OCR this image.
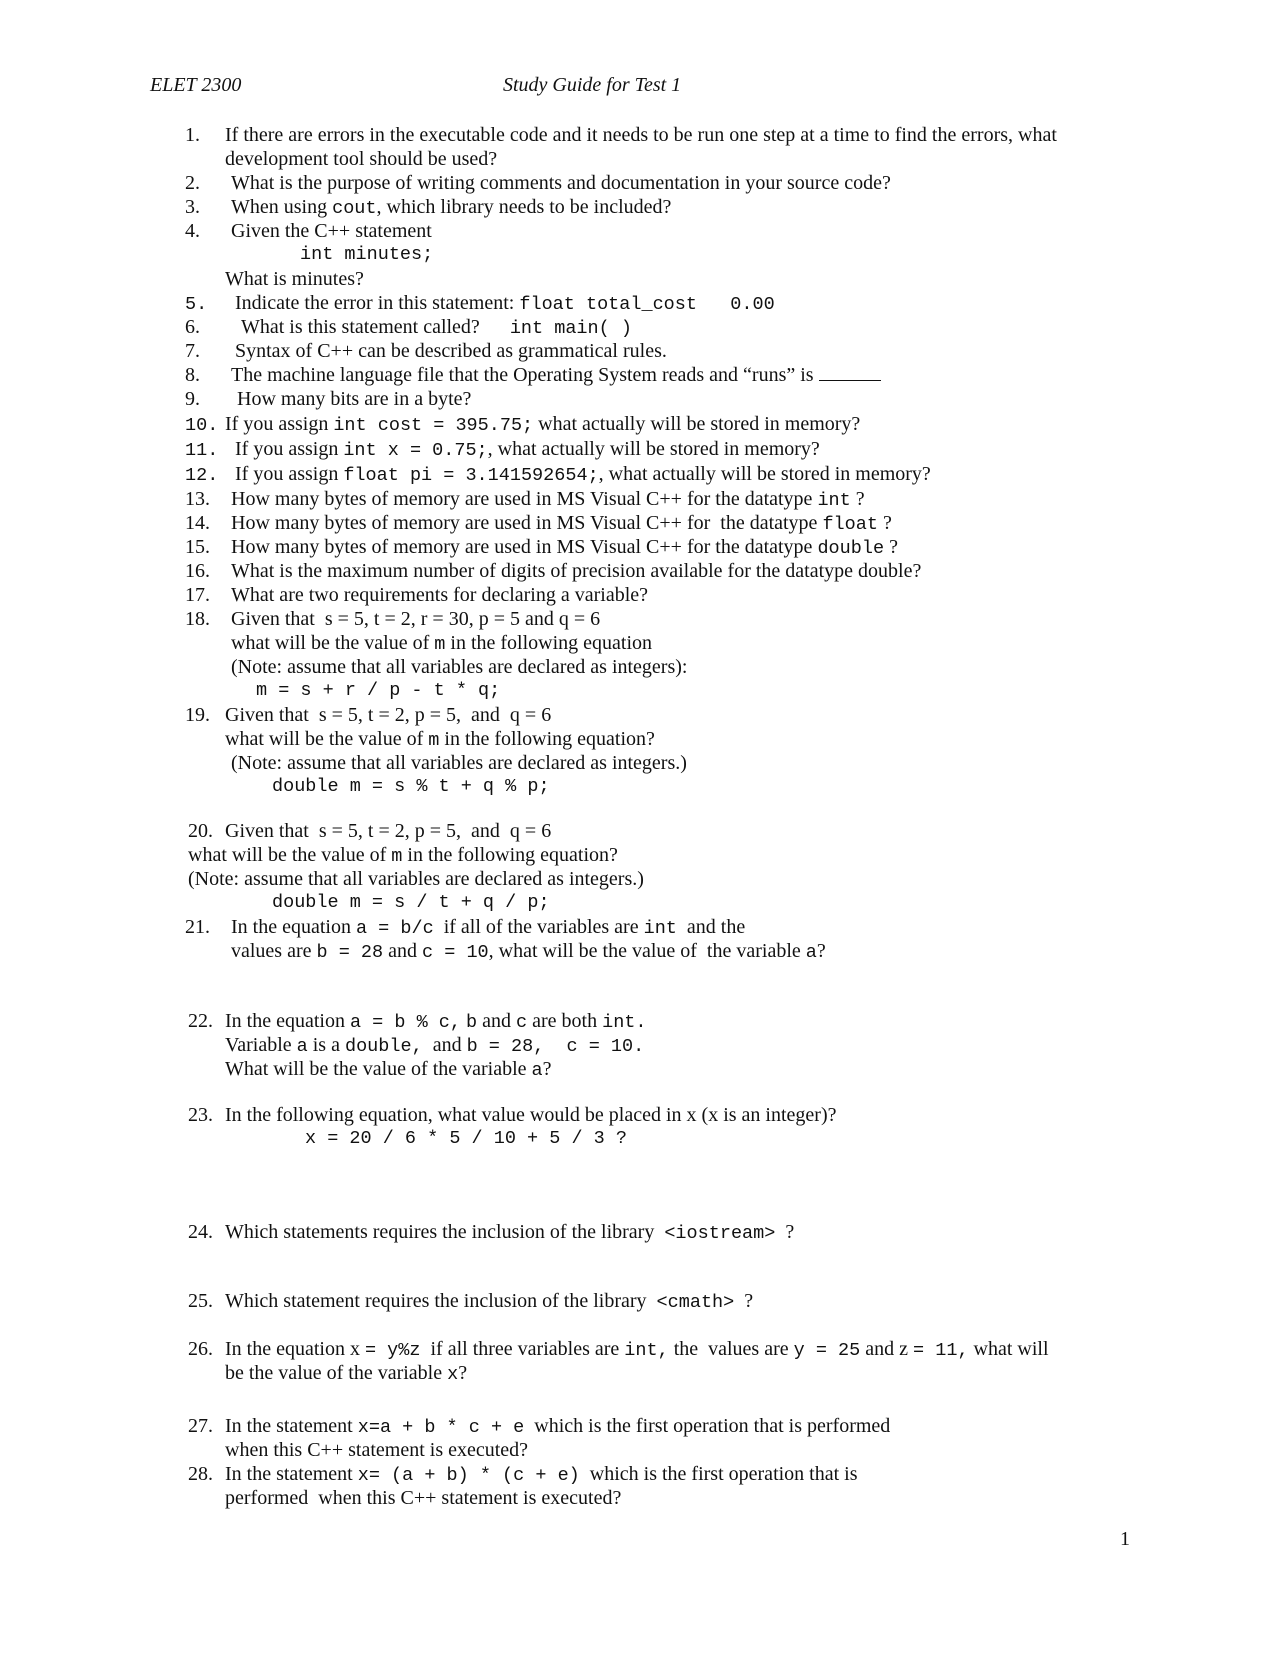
ELET 2300	Study Guide for Test 1
1. If there are errors in the executable code and it needs to be run one step at a time to find the errors, what
development tool should be used?
2. What is the purpose of writing comments and documentation in your source code?
3. When using cout, which library needs to be included?
4. Given the C++ statement
int minutes;
What is minutes?
5. Indicate the error in this statement: float total_cost   0.00
6. What is this statement called? int main( )
7. Syntax of C++ can be described as grammatical rules.
8. The machine language file that the Operating System reads and “runs” is
9. How many bits are in a byte?
10. If you assign int cost = 395.75; what actually will be stored in memory?
11. If you assign int x = 0.75;, what actually will be stored in memory?
12. If you assign float pi = 3.141592654;, what actually will be stored in memory?
13. How many bytes of memory are used in MS Visual C++ for the datatype int ?
14. How many bytes of memory are used in MS Visual C++ for  the datatype float ?
15. How many bytes of memory are used in MS Visual C++ for the datatype double ?
16. What is the maximum number of digits of precision available for the datatype double?
17. What are two requirements for declaring a variable?
18. Given that  s = 5, t = 2, r = 30, p = 5 and q = 6
what will be the value of m in the following equation
(Note: assume that all variables are declared as integers):
m = s + r / p - t * q;
19. Given that  s = 5, t = 2, p = 5,  and  q = 6
what will be the value of m in the following equation?
(Note: assume that all variables are declared as integers.)
double m = s % t + q % p;
20. Given that  s = 5, t = 2, p = 5,  and  q = 6
what will be the value of m in the following equation?
(Note: assume that all variables are declared as integers.)
double m = s / t + q / p;
21. In the equation a = b/c if all of the variables are int and the
values are b = 28 and c = 10, what will be the value of  the variable a?
22. In the equation a = b % c, b and c are both int.
Variable a is a double, and b = 28,  c = 10.
What will be the value of the variable a?
23. In the following equation, what value would be placed in x (x is an integer)?
x = 20 / 6 * 5 / 10 + 5 / 3 ?
24. Which statements requires the inclusion of the library <iostream> ?
25. Which statement requires the inclusion of the library <cmath> ?
26. In the equation x = y%z if all three variables are int, the  values are y = 25 and z = 11, what will
be the value of the variable x?
27. In the statement x=a + b * c + e which is the first operation that is performed
when this C++ statement is executed?
28. In the statement x= (a + b) * (c + e) which is the first operation that is
performed  when this C++ statement is executed?
1
